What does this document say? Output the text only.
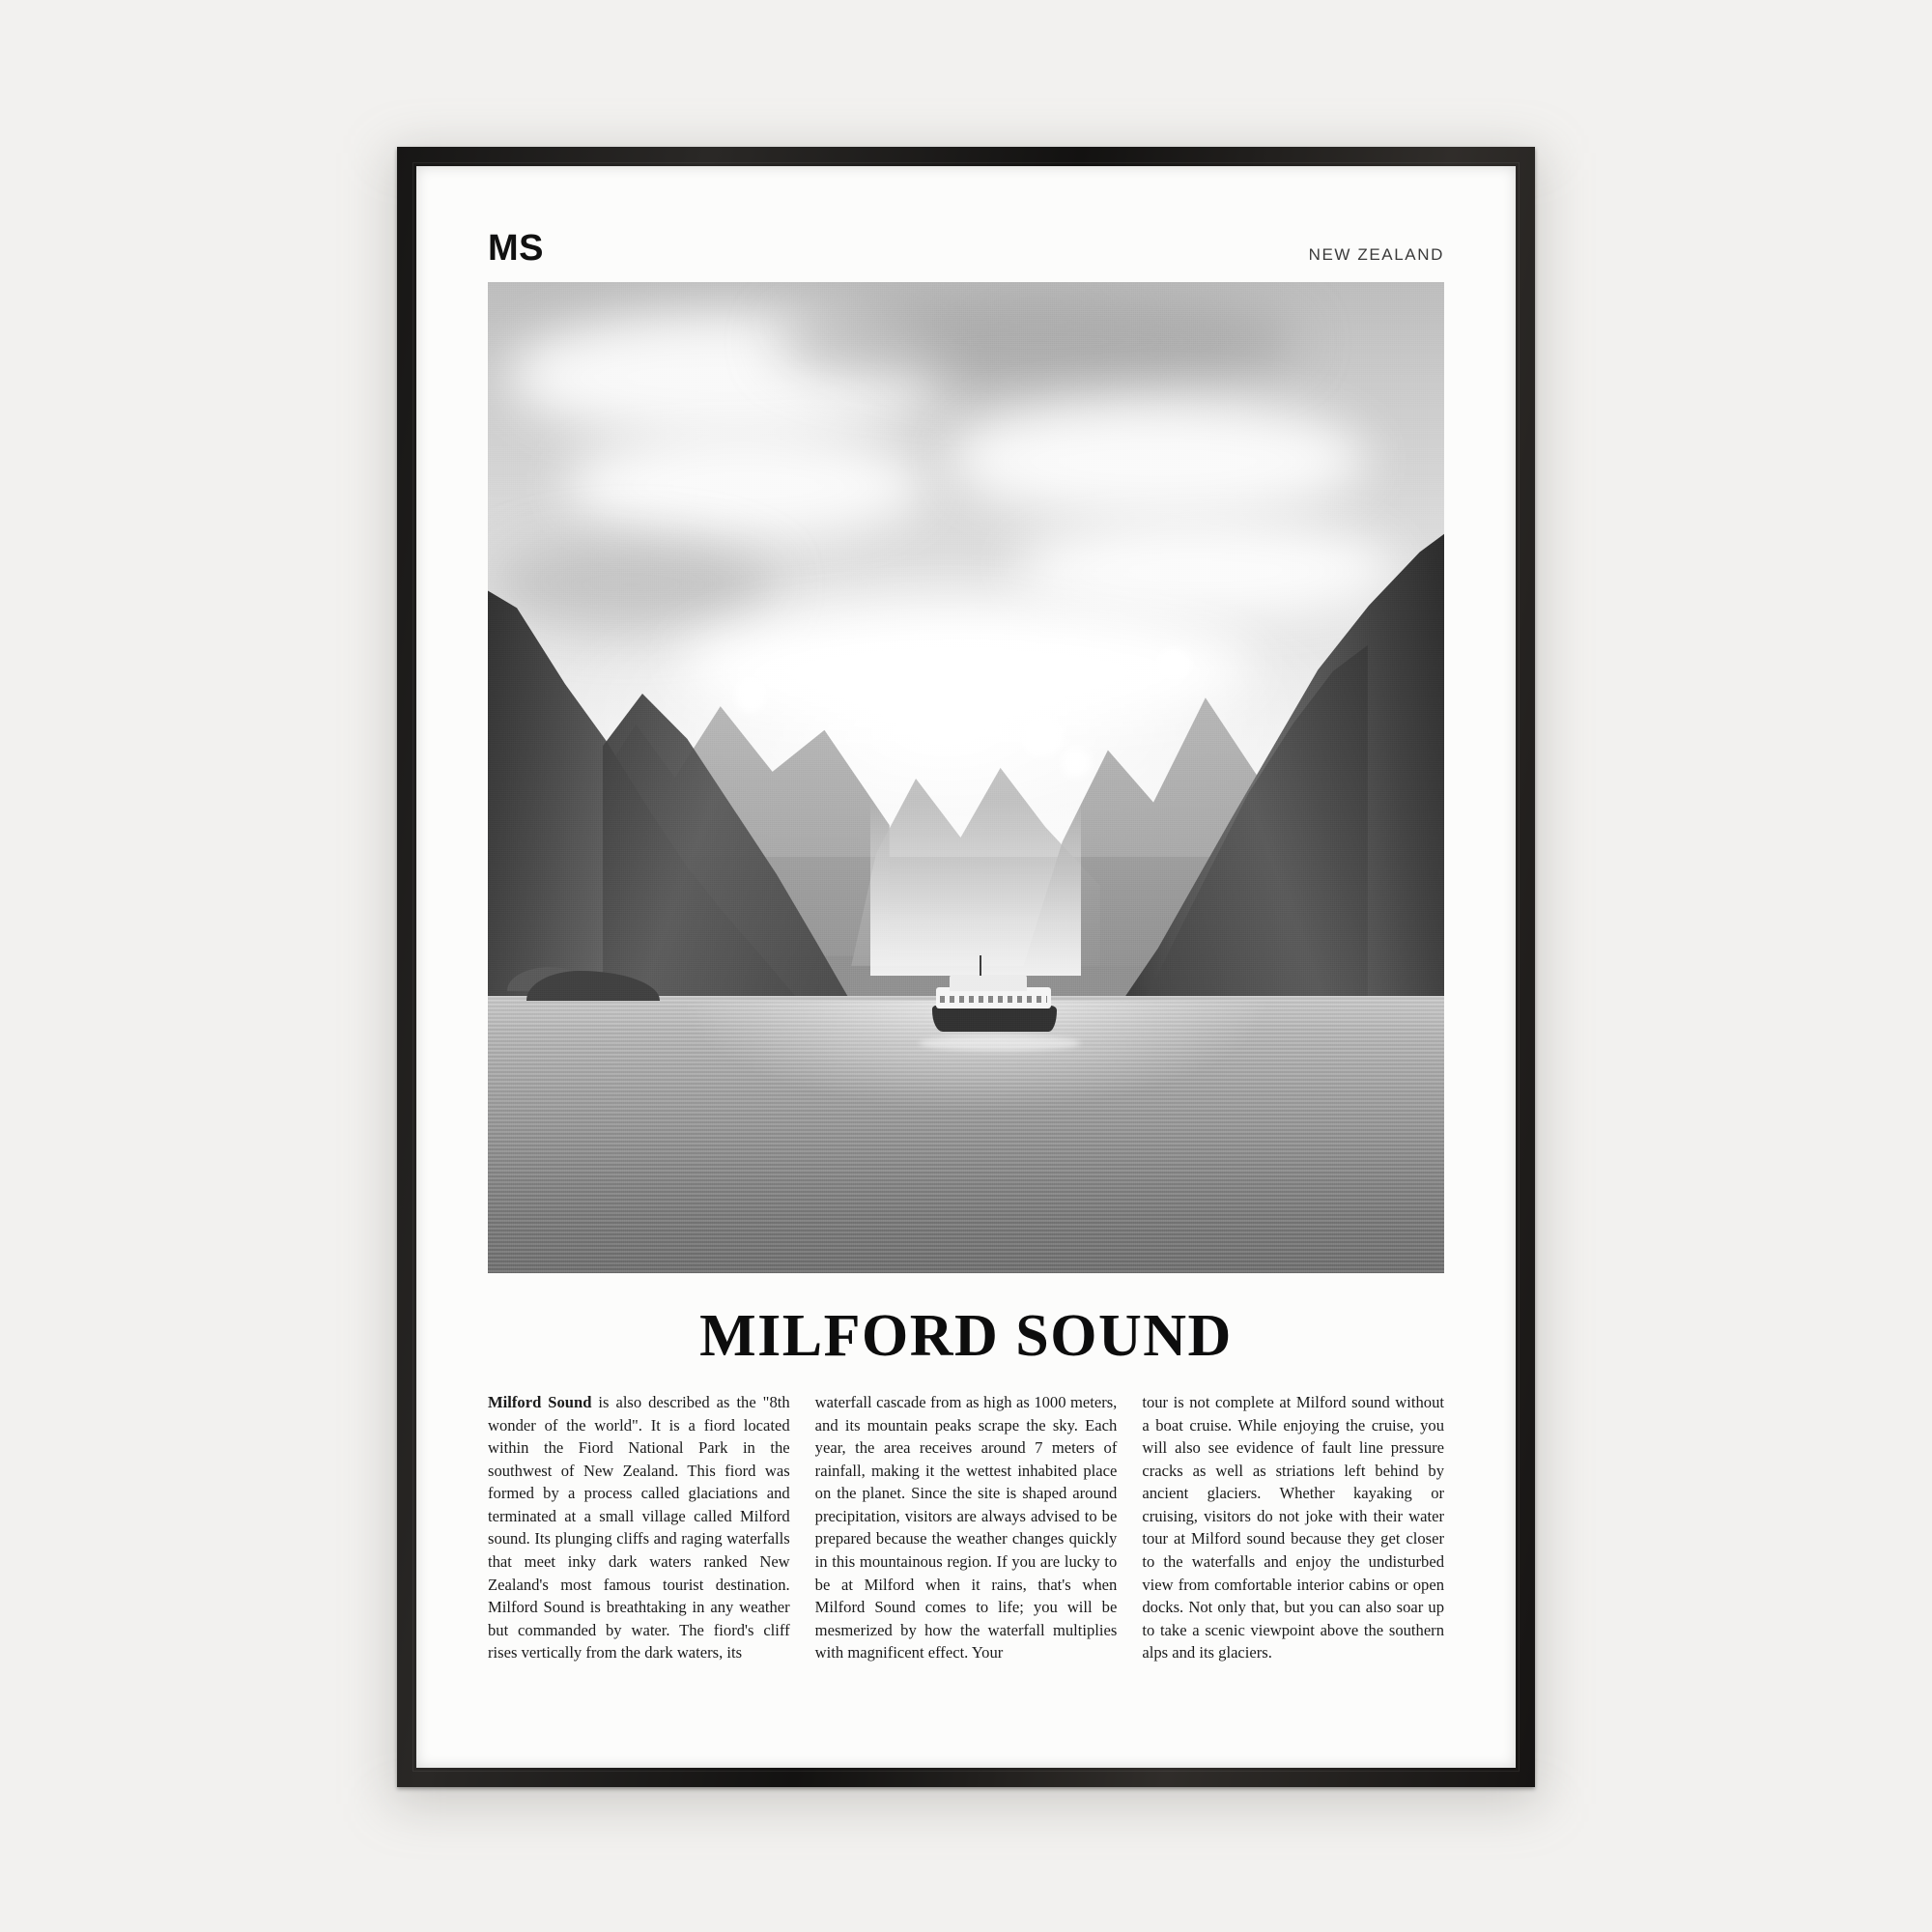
MS	NEW ZEALAND
MILFORD SOUND
Milford Sound is also described as the "8th wonder of the world". It is a fiord located within the Fiord National Park in the southwest of New Zealand. This fiord was formed by a process called glaciations and terminated at a small village called Milford sound. Its plunging cliffs and raging waterfalls that meet inky dark waters ranked New Zealand's most famous tourist destination. Milford Sound is breathtaking in any weather but commanded by water. The fiord's cliff rises vertically from the dark waters, its
waterfall cascade from as high as 1000 meters, and its mountain peaks scrape the sky. Each year, the area receives around 7 meters of rainfall, making it the wettest inhabited place on the planet. Since the site is shaped around precipitation, visitors are always advised to be prepared because the weather changes quickly in this mountainous region. If you are lucky to be at Milford when it rains, that's when Milford Sound comes to life; you will be mesmerized by how the waterfall multiplies with magnificent effect. Your
tour is not complete at Milford sound without a boat cruise. While enjoying the cruise, you will also see evidence of fault line pressure cracks as well as striations left behind by ancient glaciers. Whether kayaking or cruising, visitors do not joke with their water tour at Milford sound because they get closer to the waterfalls and enjoy the undisturbed view from comfortable interior cabins or open docks. Not only that, but you can also soar up to take a scenic viewpoint above the southern alps and its glaciers.
